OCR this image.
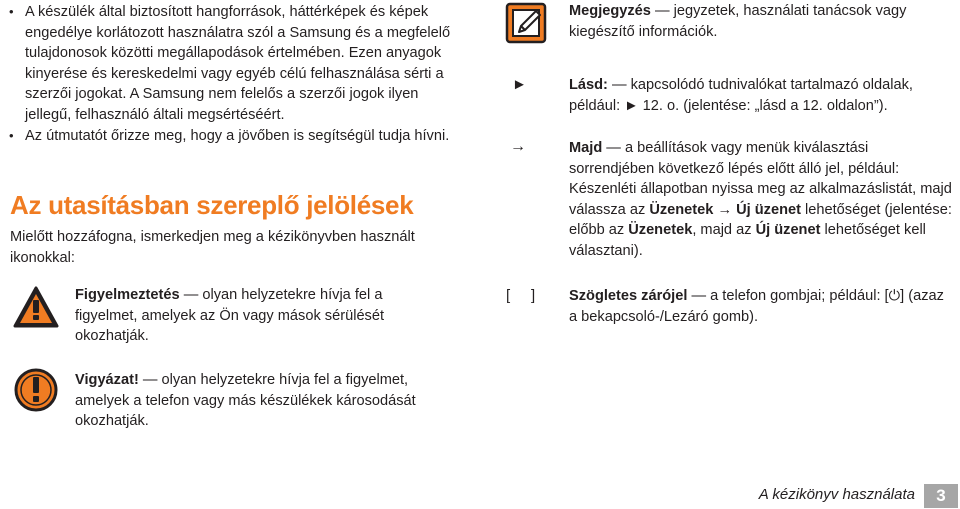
• A készülék által biztosított hangforrások, háttérképek és képek engedélye korlátozott használatra szól a Samsung és a megfelelő tulajdonosok közötti megállapodások értelmében. Ezen anyagok kinyerése és kereskedelmi vagy egyéb célú felhasználása sérti a szerzői jogokat. A Samsung nem felelős a szerzői jogok ilyen jellegű, felhasználó általi megsértéséért.
• Az útmutatót őrizze meg, hogy a jövőben is segítségül tudja hívni.
Az utasításban szereplő jelölések
Mielőtt hozzáfogna, ismerkedjen meg a kézikönyvben használt ikonokkal:
Figyelmeztetés — olyan helyzetekre hívja fel a figyelmet, amelyek az Ön vagy mások sérülését okozhatják.
Vigyázat! — olyan helyzetekre hívja fel a figyelmet, amelyek a telefon vagy más készülékek károsodását okozhatják.
Megjegyzés — jegyzetek, használati tanácsok vagy kiegészítő információk.
►	Lásd: — kapcsolódó tudnivalókat tartalmazó oldalak, például: ► 12. o. (jelentése: „lásd a 12. oldalon”).
→	Majd — a beállítások vagy menük kiválasztási sorrendjében következő lépés előtt álló jel, például: Készenléti állapotban nyissa meg az alkalmazáslistát, majd válassza az Üzenetek → Új üzenet lehetőséget (jelentése: előbb az Üzenetek, majd az Új üzenet lehetőséget kell választani).
[     ] Szögletes zárójel — a telefon gombjai; például: [⏻] (azaz a bekapcsoló-/Lezáró gomb).
A kézikönyv használata	3
